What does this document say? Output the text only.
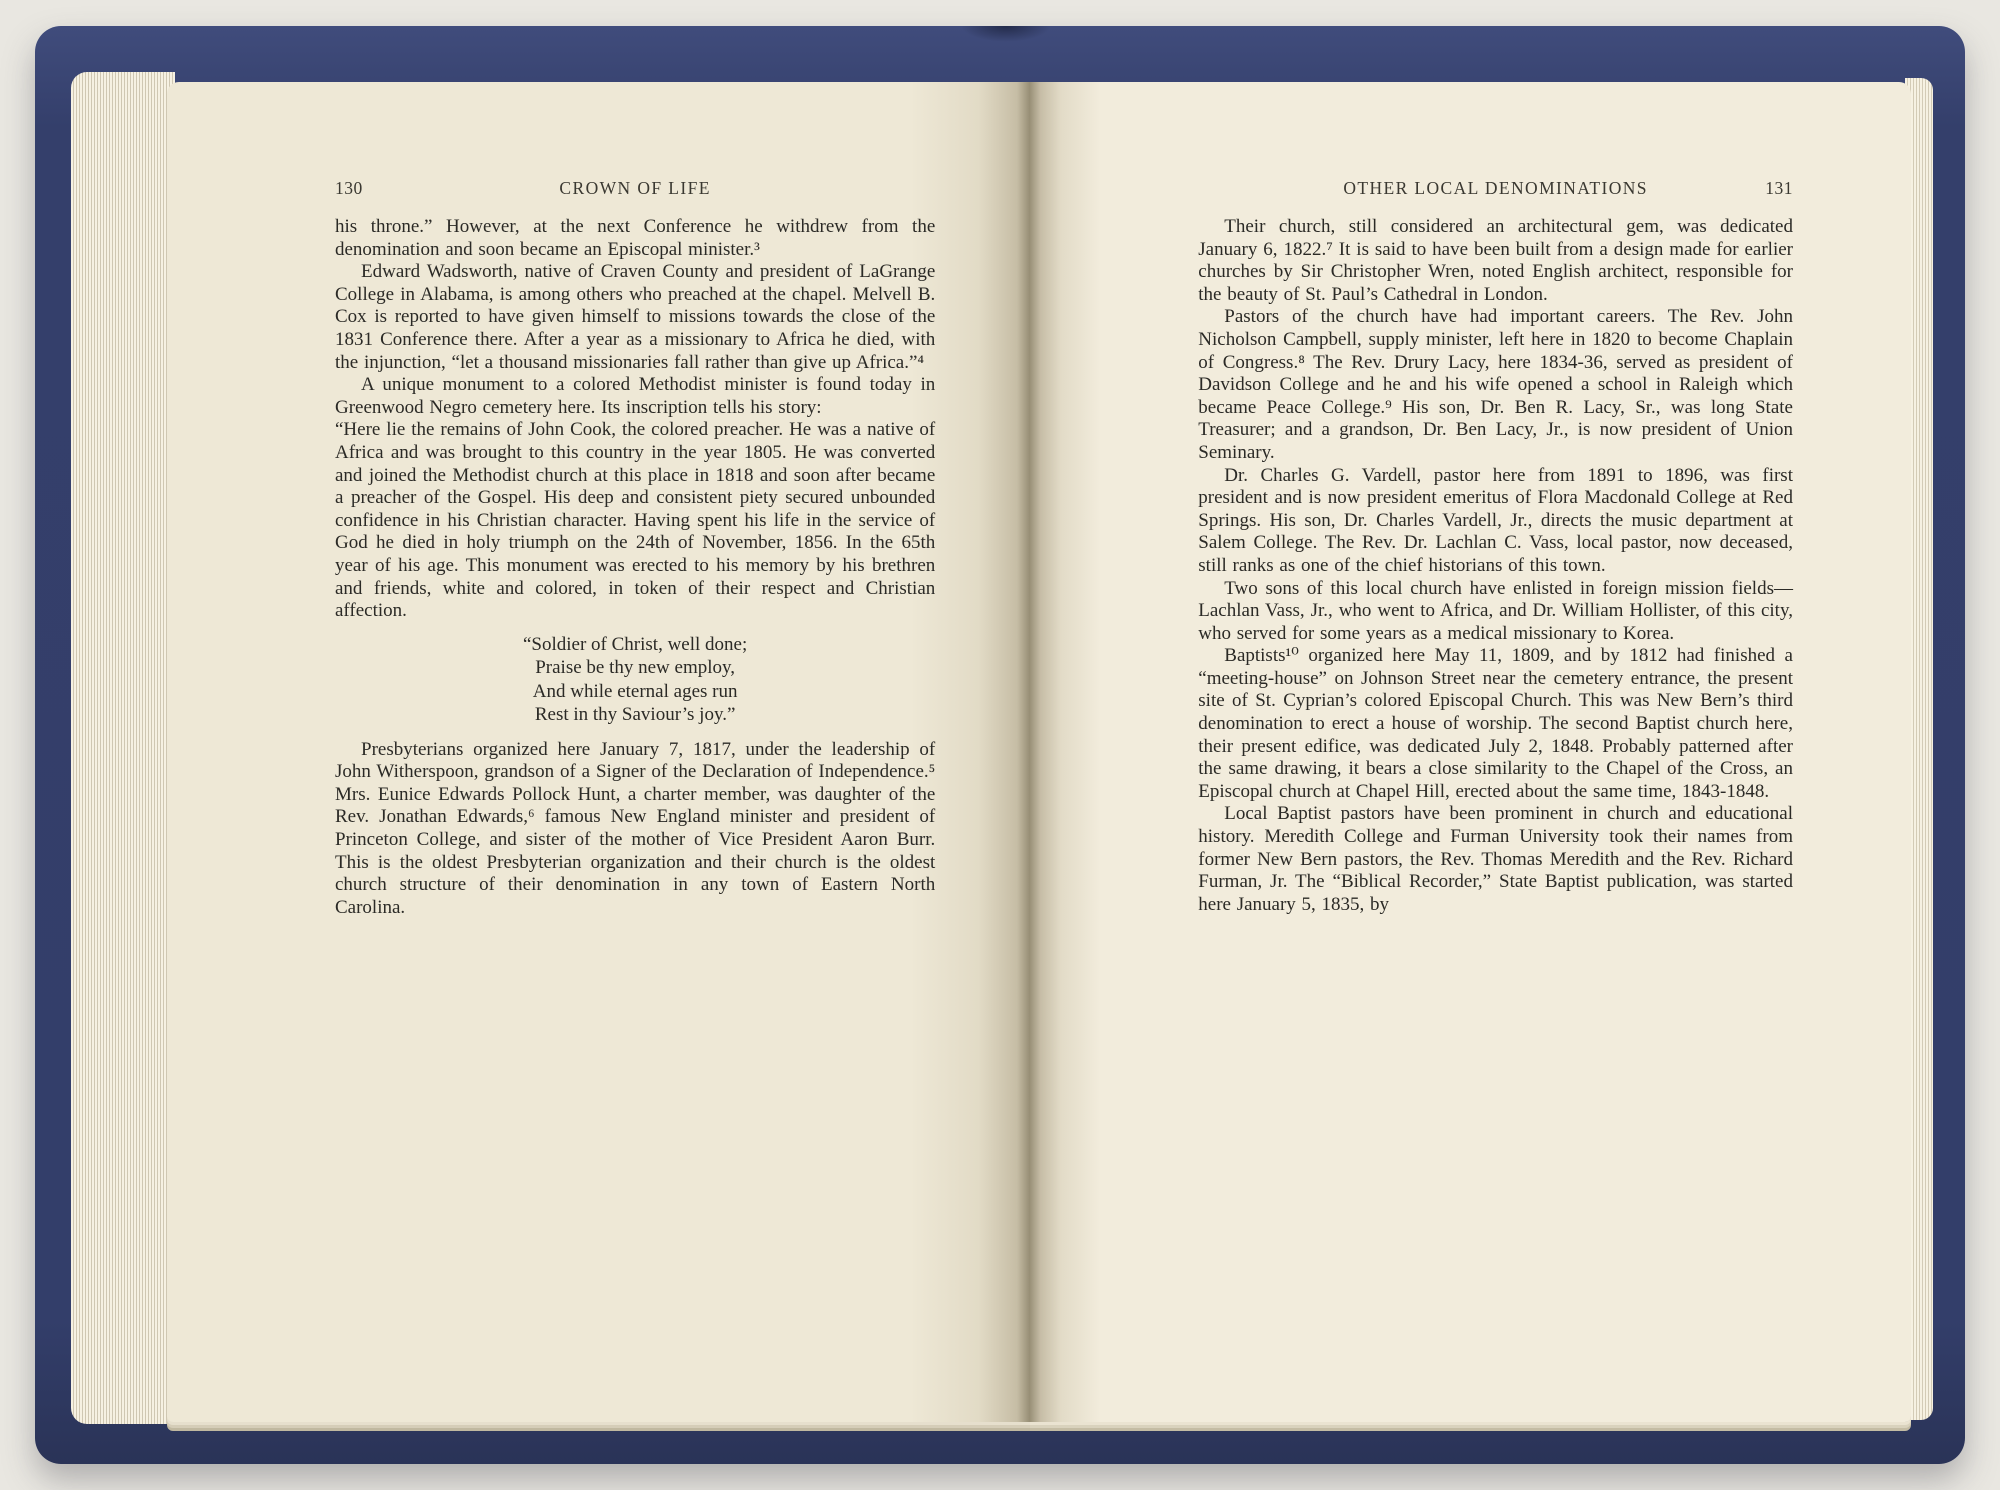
130	CROWN OF LIFE

his throne.” However, at the next Conference he withdrew from the denomination and soon became an Episcopal minister.³

Edward Wadsworth, native of Craven County and president of LaGrange College in Alabama, is among others who preached at the chapel. Melvell B. Cox is reported to have given himself to missions towards the close of the 1831 Conference there. After a year as a missionary to Africa he died, with the injunction, “let a thousand missionaries fall rather than give up Africa.”⁴

A unique monument to a colored Methodist minister is found today in Greenwood Negro cemetery here. Its inscription tells his story:

“Here lie the remains of John Cook, the colored preacher. He was a native of Africa and was brought to this country in the year 1805. He was converted and joined the Methodist church at this place in 1818 and soon after became a preacher of the Gospel. His deep and consistent piety secured unbounded confidence in his Christian character. Having spent his life in the service of God he died in holy triumph on the 24th of November, 1856. In the 65th year of his age. This monument was erected to his memory by his brethren and friends, white and colored, in token of their respect and Christian affection.

“Soldier of Christ, well done;
Praise be thy new employ,
And while eternal ages run
Rest in thy Saviour’s joy.”

Presbyterians organized here January 7, 1817, under the leadership of John Witherspoon, grandson of a Signer of the Declaration of Independence.⁵ Mrs. Eunice Edwards Pollock Hunt, a charter member, was daughter of the Rev. Jonathan Edwards,⁶ famous New England minister and president of Princeton College, and sister of the mother of Vice President Aaron Burr. This is the oldest Presbyterian organization and their church is the oldest church structure of their denomination in any town of Eastern North Carolina.

OTHER LOCAL DENOMINATIONS	131

Their church, still considered an architectural gem, was dedicated January 6, 1822.⁷ It is said to have been built from a design made for earlier churches by Sir Christopher Wren, noted English architect, responsible for the beauty of St. Paul’s Cathedral in London.

Pastors of the church have had important careers. The Rev. John Nicholson Campbell, supply minister, left here in 1820 to become Chaplain of Congress.⁸ The Rev. Drury Lacy, here 1834-36, served as president of Davidson College and he and his wife opened a school in Raleigh which became Peace College.⁹ His son, Dr. Ben R. Lacy, Sr., was long State Treasurer; and a grandson, Dr. Ben Lacy, Jr., is now president of Union Seminary.

Dr. Charles G. Vardell, pastor here from 1891 to 1896, was first president and is now president emeritus of Flora Macdonald College at Red Springs. His son, Dr. Charles Vardell, Jr., directs the music department at Salem College. The Rev. Dr. Lachlan C. Vass, local pastor, now deceased, still ranks as one of the chief historians of this town.

Two sons of this local church have enlisted in foreign mission fields—Lachlan Vass, Jr., who went to Africa, and Dr. William Hollister, of this city, who served for some years as a medical missionary to Korea.

Baptists¹⁰ organized here May 11, 1809, and by 1812 had finished a “meeting-house” on Johnson Street near the cemetery entrance, the present site of St. Cyprian’s colored Episcopal Church. This was New Bern’s third denomination to erect a house of worship. The second Baptist church here, their present edifice, was dedicated July 2, 1848. Probably patterned after the same drawing, it bears a close similarity to the Chapel of the Cross, an Episcopal church at Chapel Hill, erected about the same time, 1843-1848.

Local Baptist pastors have been prominent in church and educational history. Meredith College and Furman University took their names from former New Bern pastors, the Rev. Thomas Meredith and the Rev. Richard Furman, Jr. The “Biblical Recorder,” State Baptist publication, was started here January 5, 1835, by
